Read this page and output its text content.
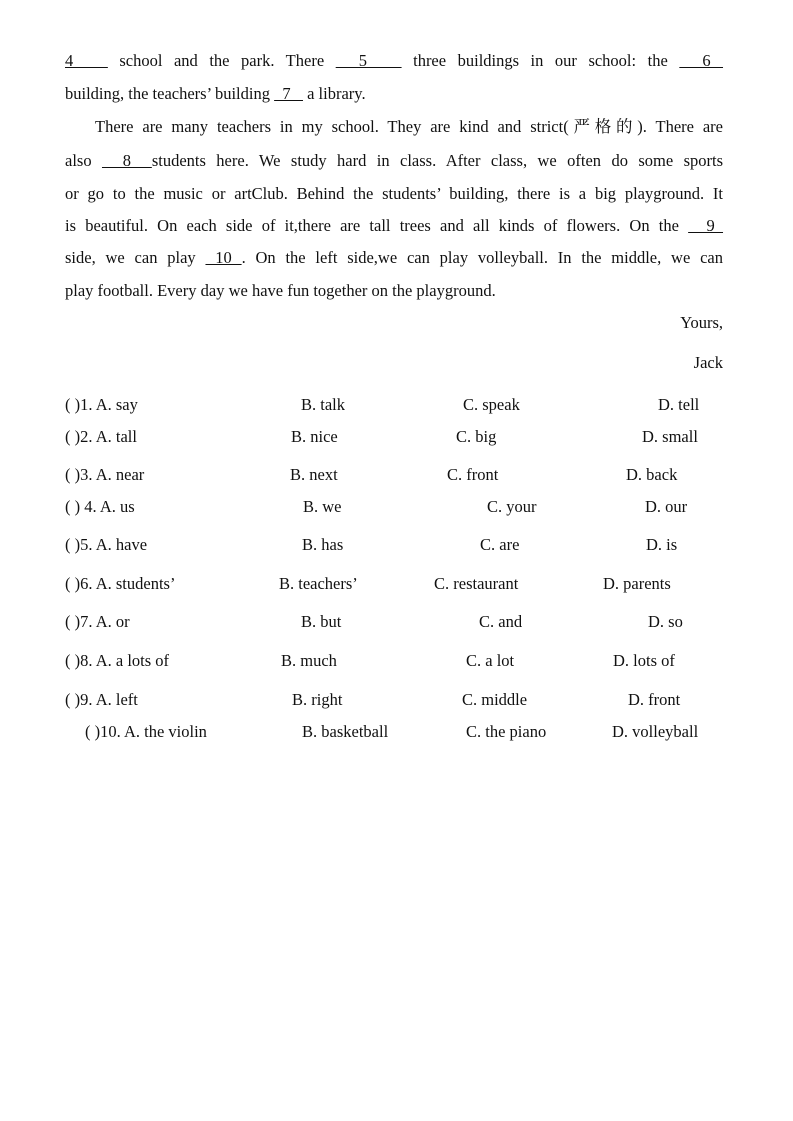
4    school and the park. There   5    three buildings in our school: the   6
building, the teachers’ building   7    a library.
There are many teachers in my school. They are kind and strict(严格的). There are
also   8  students here. We study hard in class. After class, we often do some sports
or go to the music or artClub. Behind the students’ building, there is a big playground. It
is beautiful. On each side of it,there are tall trees and all kinds of flowers. On the   9
side, we can play  10 . On the left side,we can play volleyball. In the middle, we can
play football. Every day we have fun together on the playground.
Yours,
Jack
( )1. A. say	B. talk	C. speak	D. tell
( )2. A. tall	B. nice	C. big	D. small
( )3. A. near	B. next	C. front	D. back
( ) 4. A. us	B. we	C. your	D. our
( )5. A. have	B. has	C. are	D. is
( )6. A. students’	B. teachers’	C. restaurant	D. parents
( )7. A. or	B. but	C. and	D. so
( )8. A. a lots of	B. much	C. a lot	D. lots of
( )9. A. left	B. right	C. middle	D. front
( )10. A. the violin	B. basketball	C. the piano	D. volleyball
